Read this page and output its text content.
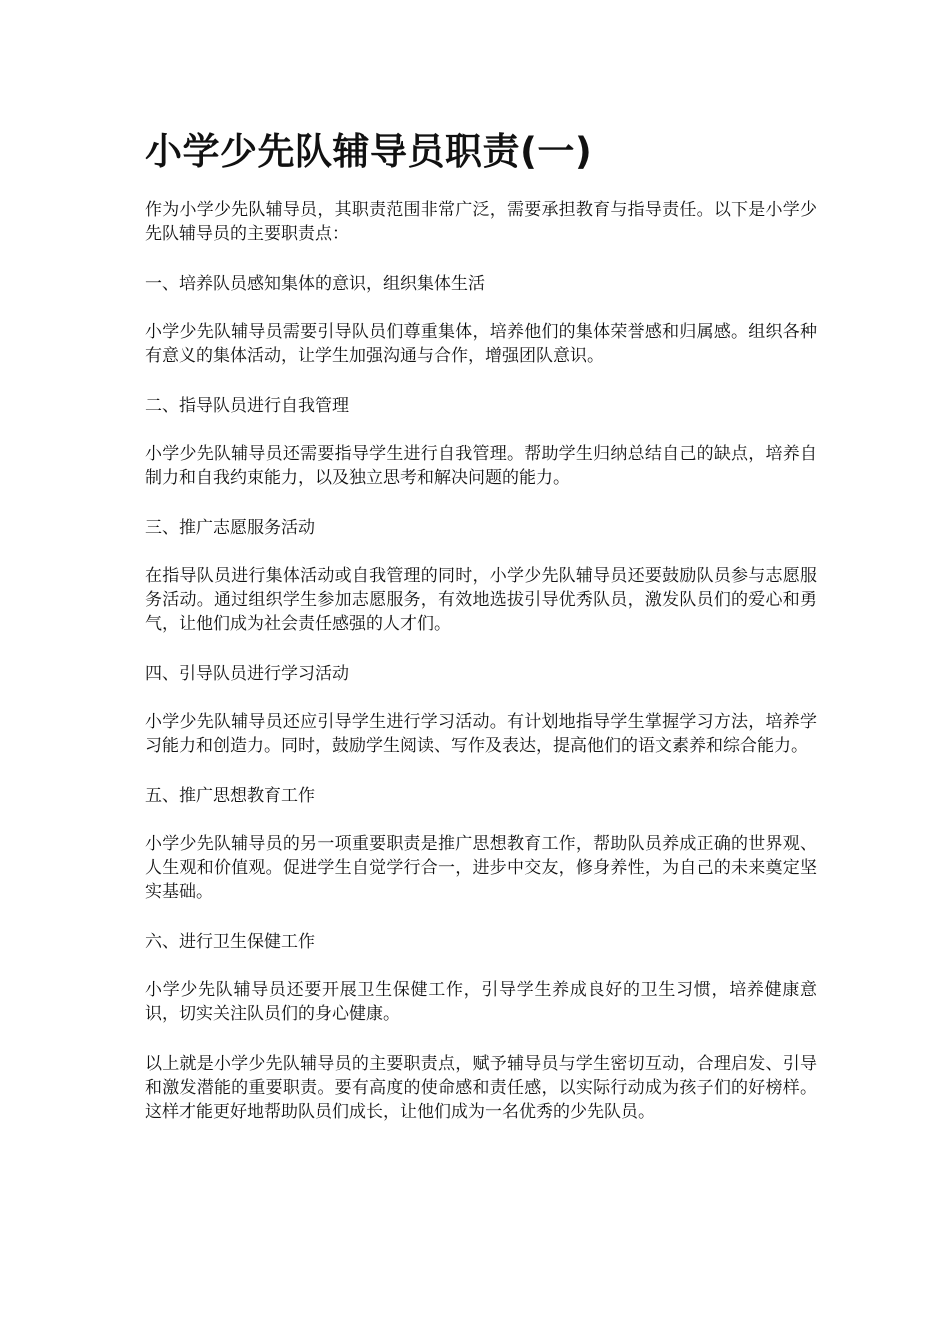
小学少先队辅导员职责(一)

作为小学少先队辅导员，其职责范围非常广泛，需要承担教育与指导责任。以下是小学少先队辅导员的主要职责点：

一、培养队员感知集体的意识，组织集体生活

小学少先队辅导员需要引导队员们尊重集体，培养他们的集体荣誉感和归属感。组织各种有意义的集体活动，让学生加强沟通与合作，增强团队意识。

二、指导队员进行自我管理

小学少先队辅导员还需要指导学生进行自我管理。帮助学生归纳总结自己的缺点，培养自制力和自我约束能力，以及独立思考和解决问题的能力。

三、推广志愿服务活动

在指导队员进行集体活动或自我管理的同时，小学少先队辅导员还要鼓励队员参与志愿服务活动。通过组织学生参加志愿服务，有效地选拔引导优秀队员，激发队员们的爱心和勇气，让他们成为社会责任感强的人才们。

四、引导队员进行学习活动

小学少先队辅导员还应引导学生进行学习活动。有计划地指导学生掌握学习方法，培养学习能力和创造力。同时，鼓励学生阅读、写作及表达，提高他们的语文素养和综合能力。

五、推广思想教育工作

小学少先队辅导员的另一项重要职责是推广思想教育工作，帮助队员养成正确的世界观、人生观和价值观。促进学生自觉学行合一，进步中交友，修身养性，为自己的未来奠定坚实基础。

六、进行卫生保健工作

小学少先队辅导员还要开展卫生保健工作，引导学生养成良好的卫生习惯，培养健康意识，切实关注队员们的身心健康。

以上就是小学少先队辅导员的主要职责点，赋予辅导员与学生密切互动，合理启发、引导和激发潜能的重要职责。要有高度的使命感和责任感，以实际行动成为孩子们的好榜样。这样才能更好地帮助队员们成长，让他们成为一名优秀的少先队员。
